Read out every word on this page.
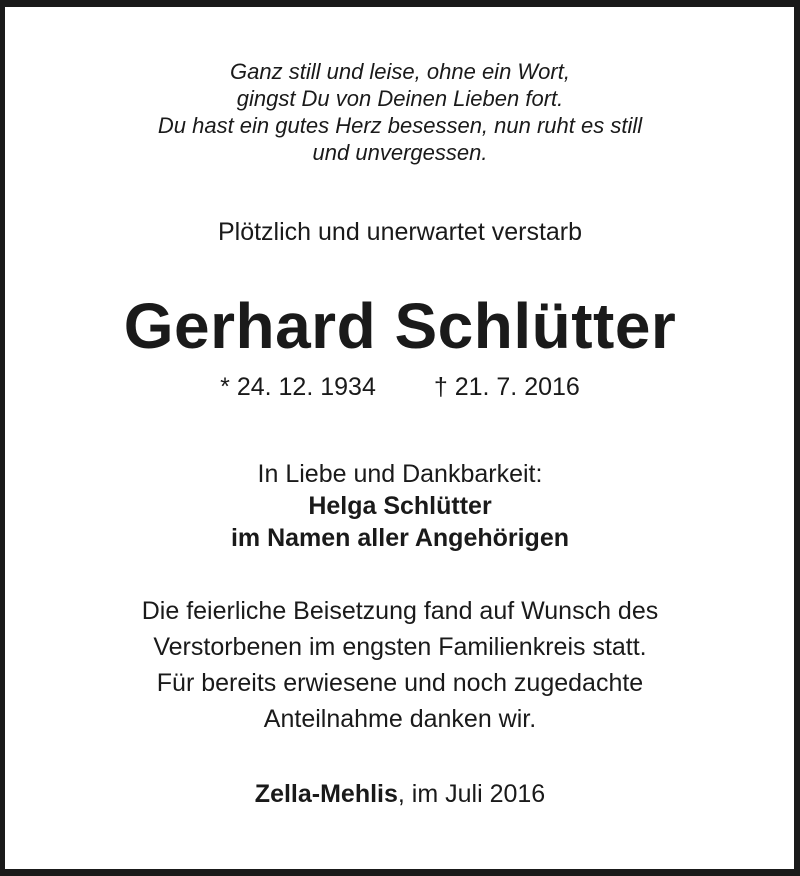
Ganz still und leise, ohne ein Wort,
gingst Du von Deinen Lieben fort.
Du hast ein gutes Herz besessen, nun ruht es still
und unvergessen.
Plötzlich und unerwartet verstarb
Gerhard Schlütter
* 24. 12. 1934 † 21. 7. 2016
In Liebe und Dankbarkeit:
Helga Schlütter
im Namen aller Angehörigen
Die feierliche Beisetzung fand auf Wunsch des
Verstorbenen im engsten Familienkreis statt.
Für bereits erwiesene und noch zugedachte
Anteilnahme danken wir.
Zella-Mehlis, im Juli 2016
